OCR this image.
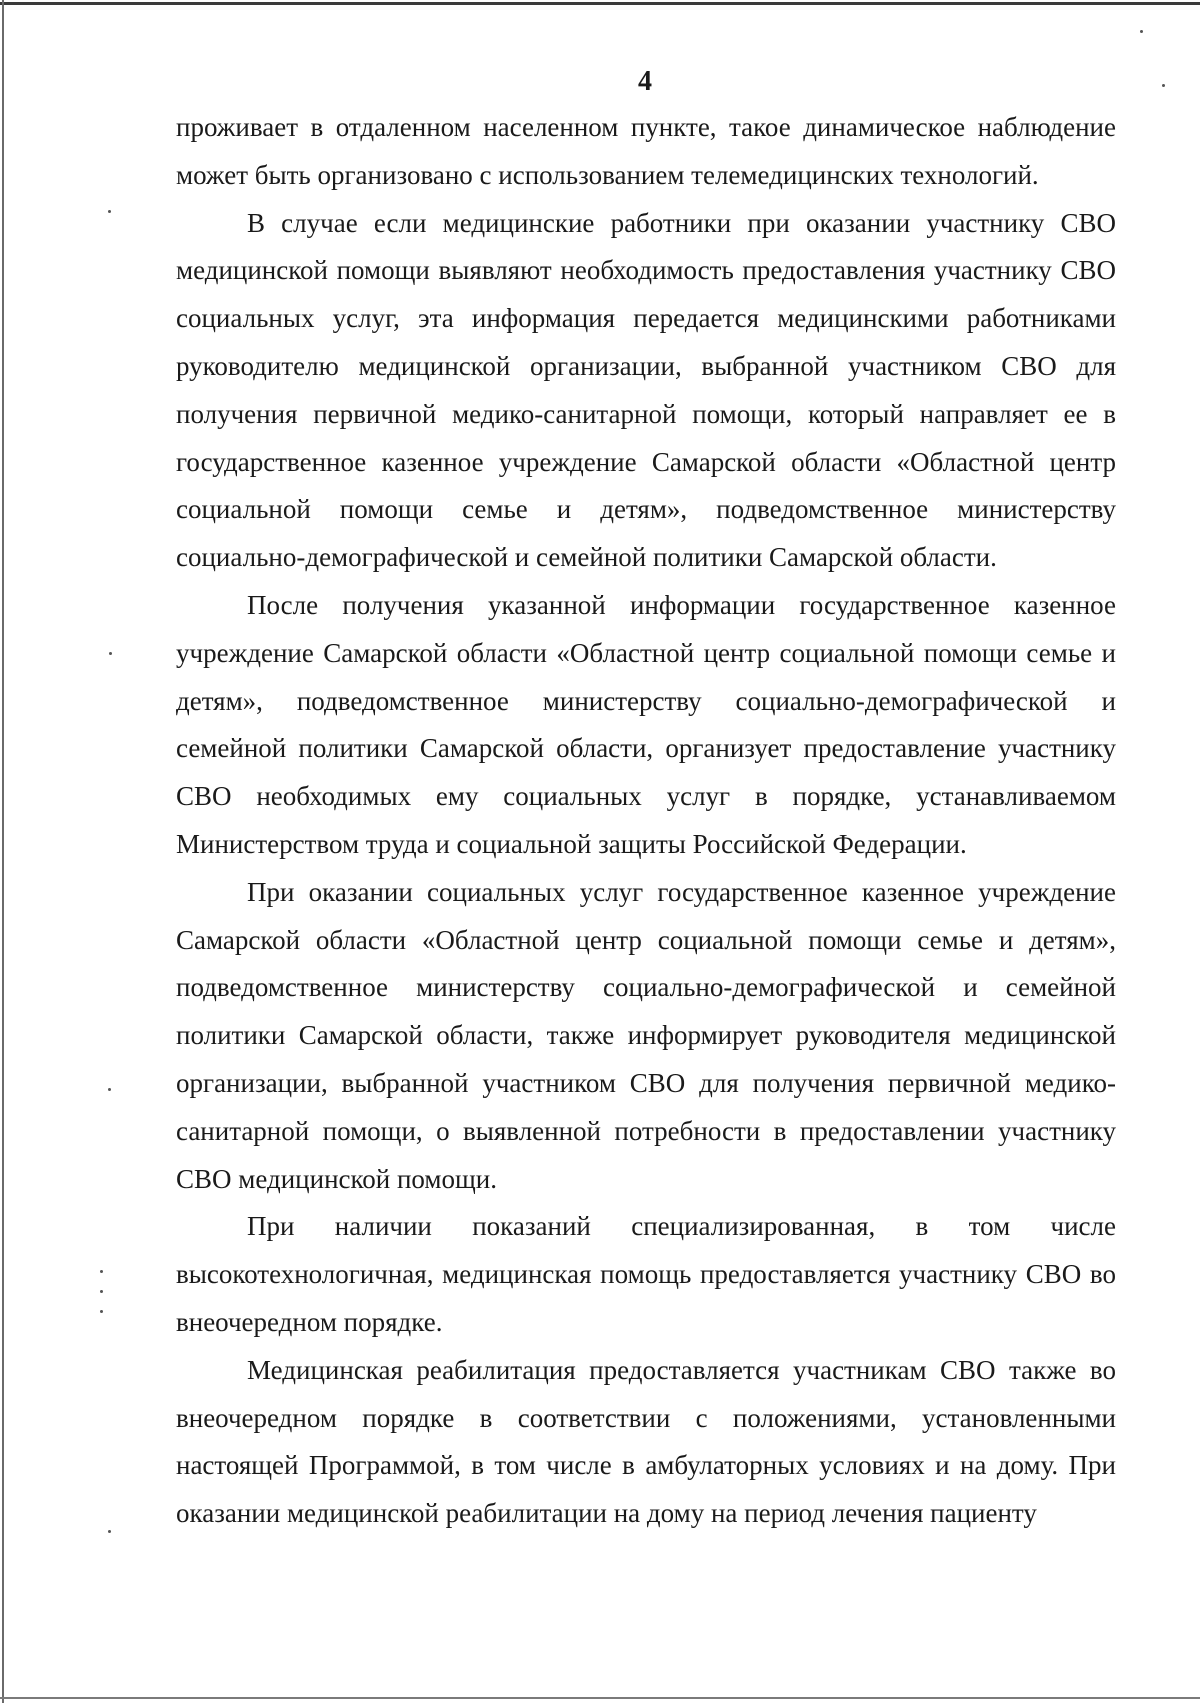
4

проживает в отдаленном населенном пункте, такое динамическое наблюдение может быть организовано с использованием телемедицинских технологий.

В случае если медицинские работники при оказании участнику СВО медицинской помощи выявляют необходимость предоставления участнику СВО социальных услуг, эта информация передается медицинскими работниками руководителю медицинской организации, выбранной участником СВО для получения первичной медико-санитарной помощи, который направляет ее в государственное казенное учреждение Самарской области «Областной центр социальной помощи семье и детям», подведомственное министерству социально-демографической и семейной политики Самарской области.

После получения указанной информации государственное казенное учреждение Самарской области «Областной центр социальной помощи семье и детям», подведомственное министерству социально-демографической и семейной политики Самарской области, организует предоставление участнику СВО необходимых ему социальных услуг в порядке, устанавливаемом Министерством труда и социальной защиты Российской Федерации.

При оказании социальных услуг государственное казенное учреждение Самарской области «Областной центр социальной помощи семье и детям», подведомственное министерству социально-демографической и семейной политики Самарской области, также информирует руководителя медицинской организации, выбранной участником СВО для получения первичной медико-санитарной помощи, о выявленной потребности в предоставлении участнику СВО медицинской помощи.

При наличии показаний специализированная, в том числе высокотехнологичная, медицинская помощь предоставляется участнику СВО во внеочередном порядке.

Медицинская реабилитация предоставляется участникам СВО также во внеочередном порядке в соответствии с положениями, установленными настоящей Программой, в том числе в амбулаторных условиях и на дому. При оказании медицинской реабилитации на дому на период лечения пациенту
